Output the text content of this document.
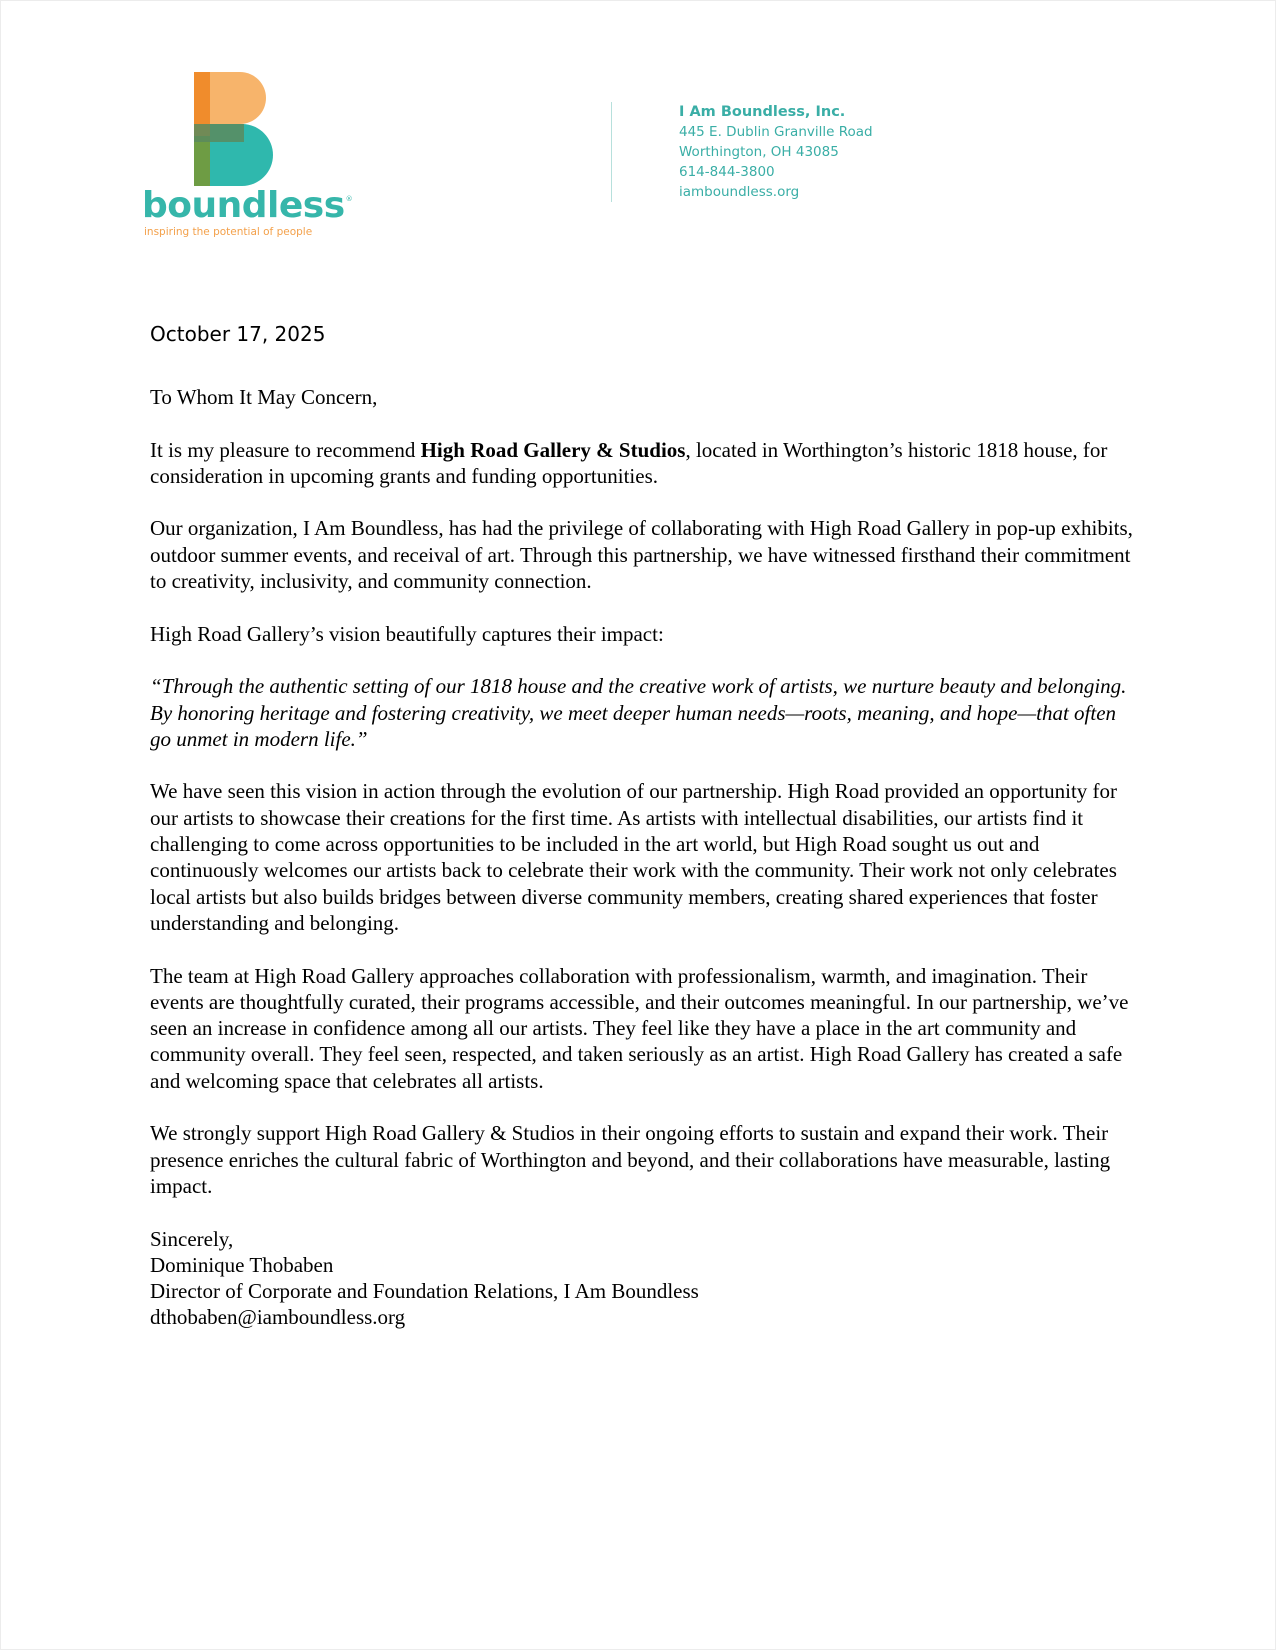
boundless®
inspiring the potential of people
I Am Boundless, Inc.
445 E. Dublin Granville Road
Worthington, OH 43085
614-844-3800
iamboundless.org
October 17, 2025

To Whom It May Concern,

It is my pleasure to recommend High Road Gallery & Studios, located in Worthington’s historic 1818 house, for consideration in upcoming grants and funding opportunities.

Our organization, I Am Boundless, has had the privilege of collaborating with High Road Gallery in pop-up exhibits, outdoor summer events, and receival of art. Through this partnership, we have witnessed firsthand their commitment to creativity, inclusivity, and community connection.

High Road Gallery’s vision beautifully captures their impact:

“Through the authentic setting of our 1818 house and the creative work of artists, we nurture beauty and belonging. By honoring heritage and fostering creativity, we meet deeper human needs—roots, meaning, and hope—that often go unmet in modern life.”

We have seen this vision in action through the evolution of our partnership. High Road provided an opportunity for our artists to showcase their creations for the first time. As artists with intellectual disabilities, our artists find it challenging to come across opportunities to be included in the art world, but High Road sought us out and continuously welcomes our artists back to celebrate their work with the community. Their work not only celebrates local artists but also builds bridges between diverse community members, creating shared experiences that foster understanding and belonging.

The team at High Road Gallery approaches collaboration with professionalism, warmth, and imagination. Their events are thoughtfully curated, their programs accessible, and their outcomes meaningful. In our partnership, we’ve seen an increase in confidence among all our artists. They feel like they have a place in the art community and community overall. They feel seen, respected, and taken seriously as an artist. High Road Gallery has created a safe and welcoming space that celebrates all artists.

We strongly support High Road Gallery & Studios in their ongoing efforts to sustain and expand their work. Their presence enriches the cultural fabric of Worthington and beyond, and their collaborations have measurable, lasting impact.

Sincerely,

Dominique Thobaben

Director of Corporate and Foundation Relations, I Am Boundless

dthobaben@iamboundless.org
